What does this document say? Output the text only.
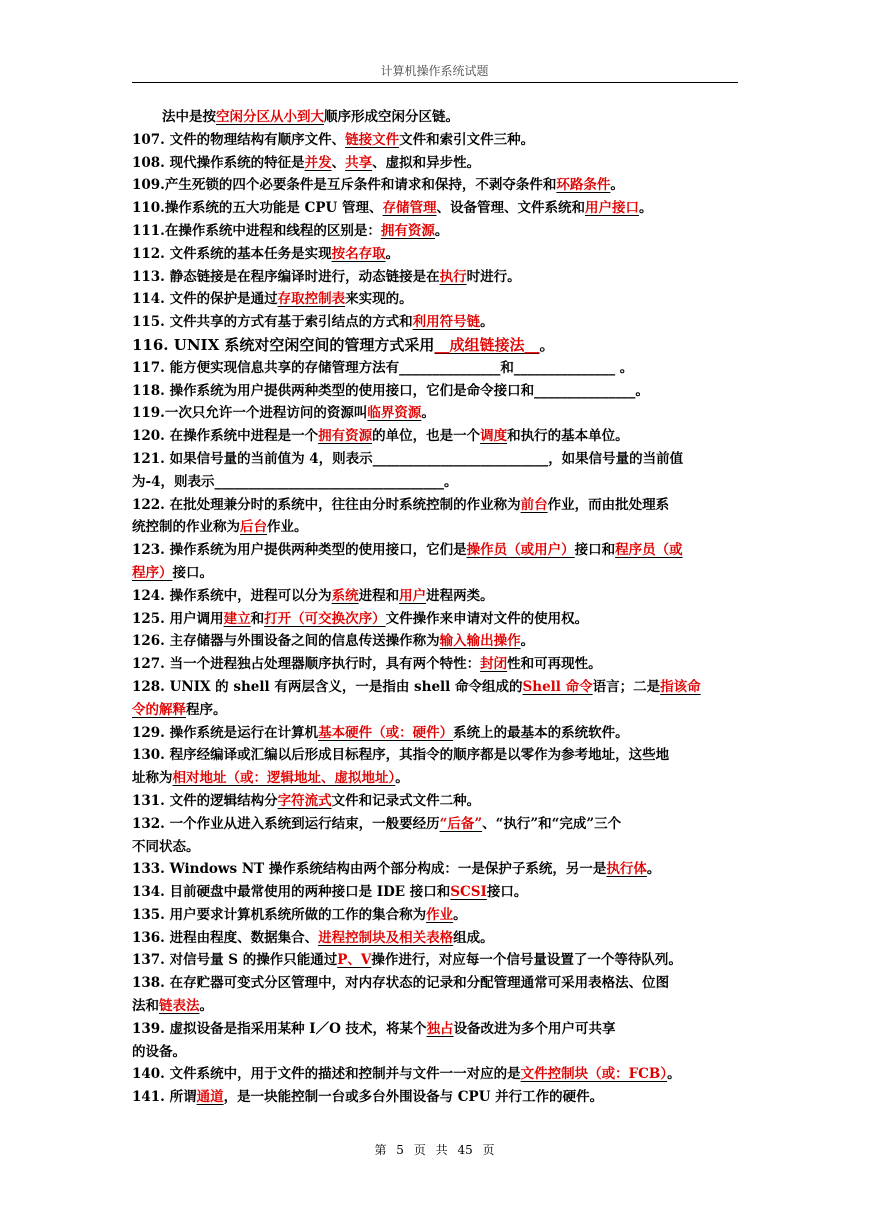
计算机操作系统试题
法中是按空闲分区从小到大顺序形成空闲分区链。
107. 文件的物理结构有顺序文件、链接文件文件和索引文件三种。
108. 现代操作系统的特征是并发、共享、虚拟和异步性。
109.产生死锁的四个必要条件是互斥条件和请求和保持，不剥夺条件和环路条件。
110.操作系统的五大功能是 CPU 管理、存储管理、设备管理、文件系统和用户接口。
111.在操作系统中进程和线程的区别是：拥有资源。
112. 文件系统的基本任务是实现按名存取。
113. 静态链接是在程序编译时进行，动态链接是在执行时进行。
114. 文件的保护是通过存取控制表来实现的。
115. 文件共享的方式有基于索引结点的方式和利用符号链。
116. UNIX 系统对空闲空间的管理方式采用__成组链接法__。
117. 能方便实现信息共享的存储管理方法有_______________和_______________ 。
118. 操作系统为用户提供两种类型的使用接口，它们是命令接口和_______________。
119.一次只允许一个进程访问的资源叫临界资源。
120. 在操作系统中进程是一个拥有资源的单位，也是一个调度和执行的基本单位。
121. 如果信号量的当前值为 4，则表示__________________________，如果信号量的当前值
为-4，则表示__________________________________。
122. 在批处理兼分时的系统中，往往由分时系统控制的作业称为前台作业，而由批处理系
统控制的作业称为后台作业。
123. 操作系统为用户提供两种类型的使用接口，它们是操作员（或用户）接口和程序员（或
程序）接口。
124. 操作系统中，进程可以分为系统进程和用户进程两类。
125. 用户调用建立和打开（可交换次序）文件操作来申请对文件的使用权。
126. 主存储器与外围设备之间的信息传送操作称为输入输出操作。
127. 当一个进程独占处理器顺序执行时，具有两个特性：封闭性和可再现性。
128. UNIX 的 shell 有两层含义，一是指由 shell 命令组成的Shell 命令语言；二是指该命
令的解释程序。
129. 操作系统是运行在计算机基本硬件（或：硬件）系统上的最基本的系统软件。
130. 程序经编译或汇编以后形成目标程序，其指令的顺序都是以零作为参考地址，这些地
址称为相对地址（或：逻辑地址、虚拟地址）。
131. 文件的逻辑结构分字符流式文件和记录式文件二种。
132. 一个作业从进入系统到运行结束，一般要经历“后备”、“执行”和“完成”三个
不同状态。
133. Windows NT 操作系统结构由两个部分构成：一是保护子系统，另一是执行体。
134. 目前硬盘中最常使用的两种接口是 IDE 接口和SCSI接口。
135. 用户要求计算机系统所做的工作的集合称为作业。
136. 进程由程度、数据集合、进程控制块及相关表格组成。
137. 对信号量 S 的操作只能通过P、V操作进行，对应每一个信号量设置了一个等待队列。
138. 在存贮器可变式分区管理中，对内存状态的记录和分配管理通常可采用表格法、位图
法和链表法。
139. 虚拟设备是指采用某种 I／O 技术，将某个独占设备改进为多个用户可共享
的设备。
140. 文件系统中，用于文件的描述和控制并与文件一一对应的是文件控制块（或：FCB）。
141. 所谓通道，是一块能控制一台或多台外围设备与 CPU 并行工作的硬件。
第 5 页 共 45 页
